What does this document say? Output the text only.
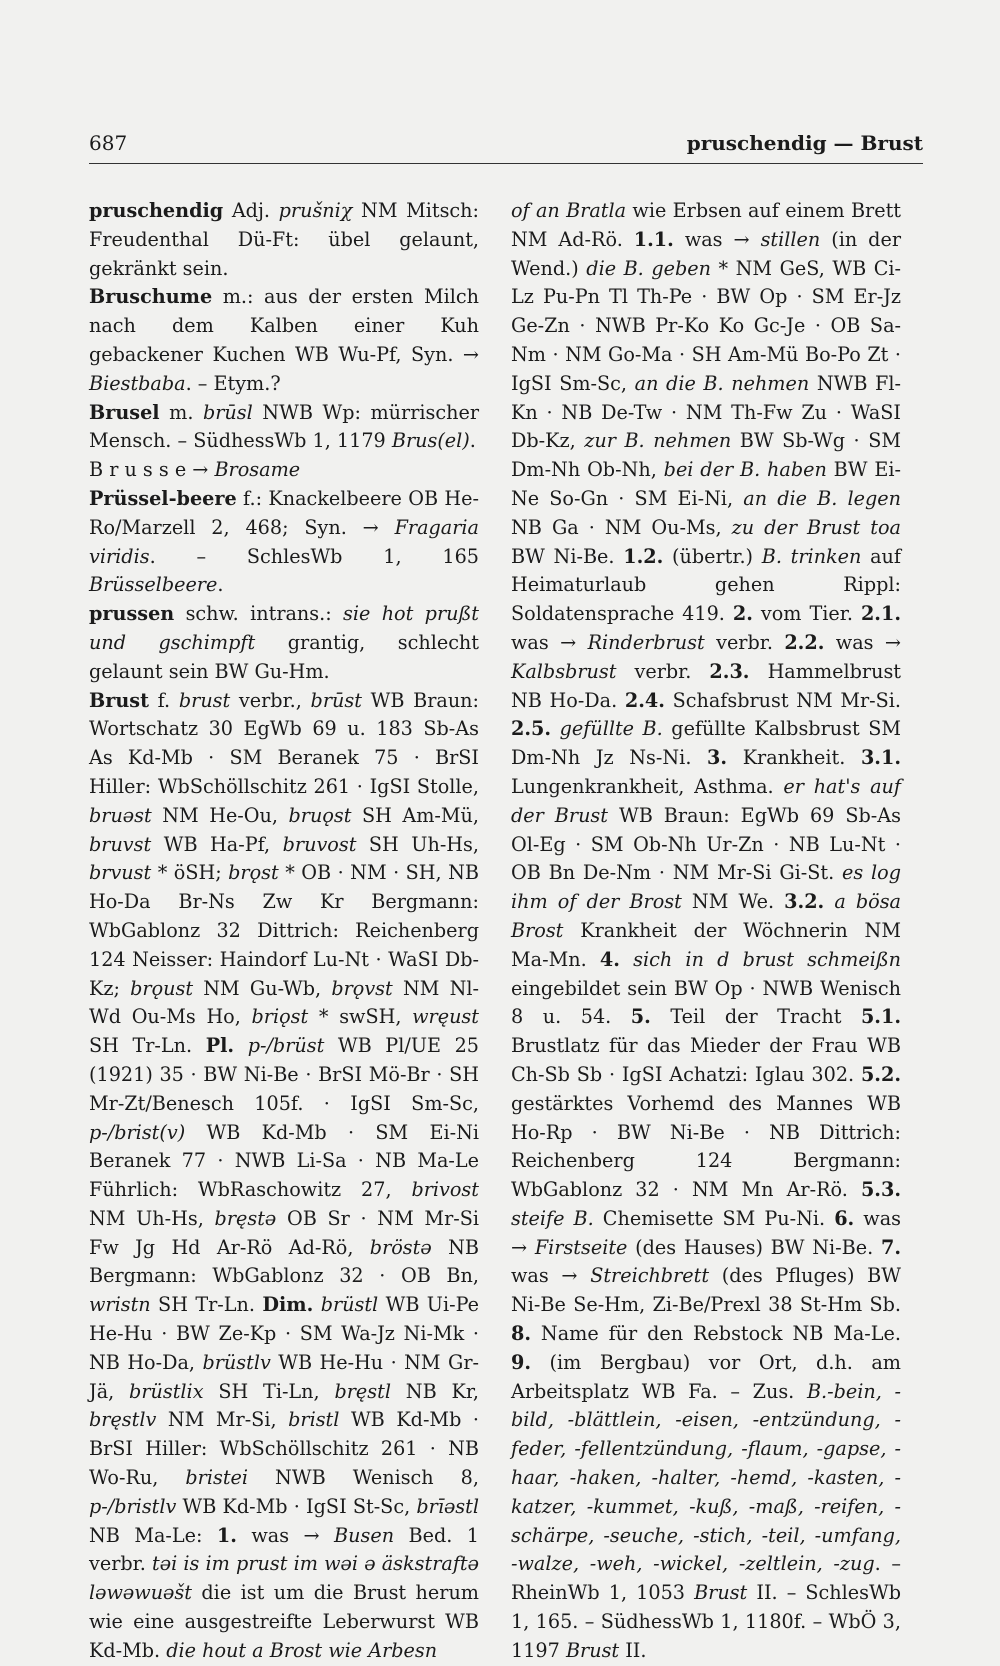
687	pruschendig — Brust

pruschendig Adj. prušniχ NM Mitsch: Freudenthal Dü-Ft: übel gelaunt, gekränkt sein.

Bruschume m.: aus der ersten Milch nach dem Kalben einer Kuh gebackener Kuchen WB Wu-Pf, Syn. → Biestbaba. – Etym.?

Brusel m. brūsl NWB Wp: mürrischer Mensch. – SüdhessWb 1, 1179 Brus(el).

B r u s s e → Brosame

Prüssel-beere f.: Knackelbeere OB He-Ro/Marzell 2, 468; Syn. → Fragaria viridis. – SchlesWb 1, 165 Brüsselbeere.

prussen schw. intrans.: sie hot prußt und gschimpft grantig, schlecht gelaunt sein BW Gu-Hm.

Brust f. brust verbr., brūst WB Braun: Wortschatz 30 EgWb 69 u. 183 Sb-As As Kd-Mb · SM Beranek 75 · BrSI Hiller: WbSchöllschitz 261 · IgSI Stolle, bruəst NM He-Ou, bruǫst SH Am-Mü, bruvst WB Ha-Pf, bruvost SH Uh-Hs, brvust * öSH; brǫst * OB · NM · SH, NB Ho-Da Br-Ns Zw Kr Bergmann: WbGablonz 32 Dittrich: Reichenberg 124 Neisser: Haindorf Lu-Nt · WaSI Db-Kz; brǫust NM Gu-Wb, brǫvst NM Nl-Wd Ou-Ms Ho, briǫst * swSH, wręust SH Tr-Ln. Pl. p-/brüst WB Pl/UE 25 (1921) 35 · BW Ni-Be · BrSI Mö-Br · SH Mr-Zt/Benesch 105f. · IgSI Sm-Sc, p-/brist(v) WB Kd-Mb · SM Ei-Ni Beranek 77 · NWB Li-Sa · NB Ma-Le Führlich: WbRaschowitz 27, brivost NM Uh-Hs, bręstə OB Sr · NM Mr-Si Fw Jg Hd Ar-Rö Ad-Rö, bröstə NB Bergmann: WbGablonz 32 · OB Bn, wristn SH Tr-Ln. Dim. brüstl WB Ui-Pe He-Hu · BW Ze-Kp · SM Wa-Jz Ni-Mk · NB Ho-Da, brüstlv WB He-Hu · NM Gr-Jä, brüstlix SH Ti-Ln, bręstl NB Kr, bręstlv NM Mr-Si, bristl WB Kd-Mb · BrSI Hiller: WbSchöllschitz 261 · NB Wo-Ru, bristei NWB Wenisch 8, p-/bristlv WB Kd-Mb · IgSI St-Sc, brīəstl NB Ma-Le: 1. was → Busen Bed. 1 verbr. təi is im prust im wəi ə äskstraftə ləwəwuəšt die ist um die Brust herum wie eine ausgestreifte Leberwurst WB Kd-Mb. die hout a Brost wie Arbesn

of an Bratla wie Erbsen auf einem Brett NM Ad-Rö. 1.1. was → stillen (in der Wend.) die B. geben * NM GeS, WB Ci-Lz Pu-Pn Tl Th-Pe · BW Op · SM Er-Jz Ge-Zn · NWB Pr-Ko Ko Gc-Je · OB Sa-Nm · NM Go-Ma · SH Am-Mü Bo-Po Zt · IgSI Sm-Sc, an die B. nehmen NWB Fl-Kn · NB De-Tw · NM Th-Fw Zu · WaSI Db-Kz, zur B. nehmen BW Sb-Wg · SM Dm-Nh Ob-Nh, bei der B. haben BW Ei-Ne So-Gn · SM Ei-Ni, an die B. legen NB Ga · NM Ou-Ms, zu der Brust toa BW Ni-Be. 1.2. (übertr.) B. trinken auf Heimaturlaub gehen Rippl: Soldatensprache 419. 2. vom Tier. 2.1. was → Rinderbrust verbr. 2.2. was → Kalbsbrust verbr. 2.3. Hammelbrust NB Ho-Da. 2.4. Schafsbrust NM Mr-Si. 2.5. gefüllte B. gefüllte Kalbsbrust SM Dm-Nh Jz Ns-Ni. 3. Krankheit. 3.1. Lungenkrankheit, Asthma. er hat's auf der Brust WB Braun: EgWb 69 Sb-As Ol-Eg · SM Ob-Nh Ur-Zn · NB Lu-Nt · OB Bn De-Nm · NM Mr-Si Gi-St. es log ihm of der Brost NM We. 3.2. a bösa Brost Krankheit der Wöchnerin NM Ma-Mn. 4. sich in d brust schmeißn eingebildet sein BW Op · NWB Wenisch 8 u. 54. 5. Teil der Tracht 5.1. Brustlatz für das Mieder der Frau WB Ch-Sb Sb · IgSI Achatzi: Iglau 302. 5.2. gestärktes Vorhemd des Mannes WB Ho-Rp · BW Ni-Be · NB Dittrich: Reichenberg 124 Bergmann: WbGablonz 32 · NM Mn Ar-Rö. 5.3. steife B. Chemisette SM Pu-Ni. 6. was → Firstseite (des Hauses) BW Ni-Be. 7. was → Streichbrett (des Pfluges) BW Ni-Be Se-Hm, Zi-Be/Prexl 38 St-Hm Sb. 8. Name für den Rebstock NB Ma-Le. 9. (im Bergbau) vor Ort, d.h. am Arbeitsplatz WB Fa. – Zus. B.-bein, -bild, -blättlein, -eisen, -entzündung, -feder, -fellentzündung, -flaum, -gapse, -haar, -haken, -halter, -hemd, -kasten, -katzer, -kummet, -kuß, -maß, -reifen, -schärpe, -seuche, -stich, -teil, -umfang, -walze, -weh, -wickel, -zeltlein, -zug. – RheinWb 1, 1053 Brust II. – SchlesWb 1, 165. – SüdhessWb 1, 1180f. – WbÖ 3, 1197 Brust II.
